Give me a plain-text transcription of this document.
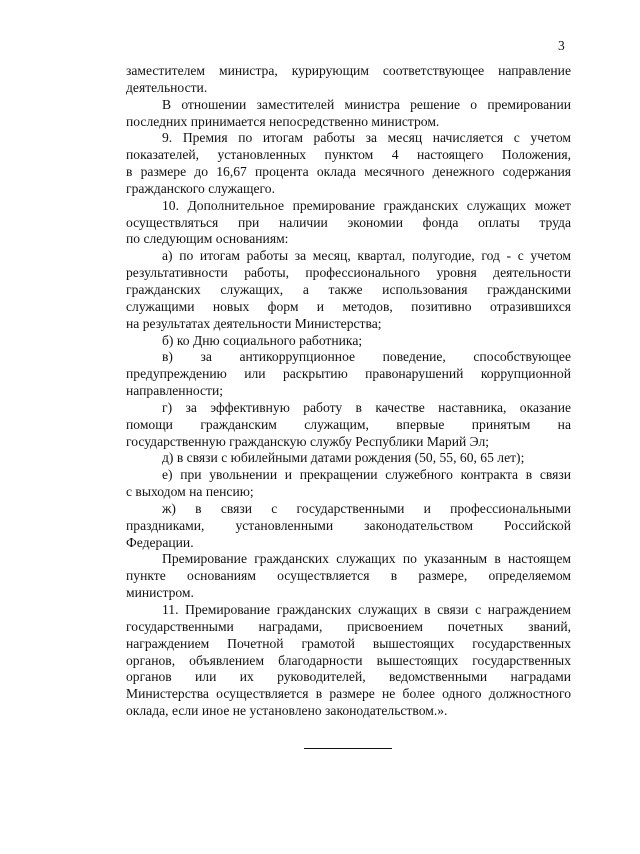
3
заместителем министра, курирующим соответствующее направление
деятельности.
В отношении заместителей министра решение о премировании
последних принимается непосредственно министром.
9. Премия по итогам работы за месяц начисляется с учетом
показателей, установленных пунктом 4 настоящего Положения,
в размере до 16,67 процента оклада месячного денежного содержания
гражданского служащего.
10. Дополнительное премирование гражданских служащих может
осуществляться при наличии экономии фонда оплаты труда
по следующим основаниям:
а) по итогам работы за месяц, квартал, полугодие, год - с учетом
результативности работы, профессионального уровня деятельности
гражданских служащих, а также использования гражданскими
служащими новых форм и методов, позитивно отразившихся
на результатах деятельности Министерства;
б) ко Дню социального работника;
в) за антикоррупционное поведение, способствующее
предупреждению или раскрытию правонарушений коррупционной
направленности;
г) за эффективную работу в качестве наставника, оказание
помощи гражданским служащим, впервые принятым на
государственную гражданскую службу Республики Марий Эл;
д) в связи с юбилейными датами рождения (50, 55, 60, 65 лет);
е) при увольнении и прекращении служебного контракта в связи
с выходом на пенсию;
ж) в связи с государственными и профессиональными
праздниками, установленными законодательством Российской
Федерации.
Премирование гражданских служащих по указанным в настоящем
пункте основаниям осуществляется в размере, определяемом
министром.
11. Премирование гражданских служащих в связи с награждением
государственными наградами, присвоением почетных званий,
награждением Почетной грамотой вышестоящих государственных
органов, объявлением благодарности вышестоящих государственных
органов или их руководителей, ведомственными наградами
Министерства осуществляется в размере не более одного должностного
оклада, если иное не установлено законодательством.».
